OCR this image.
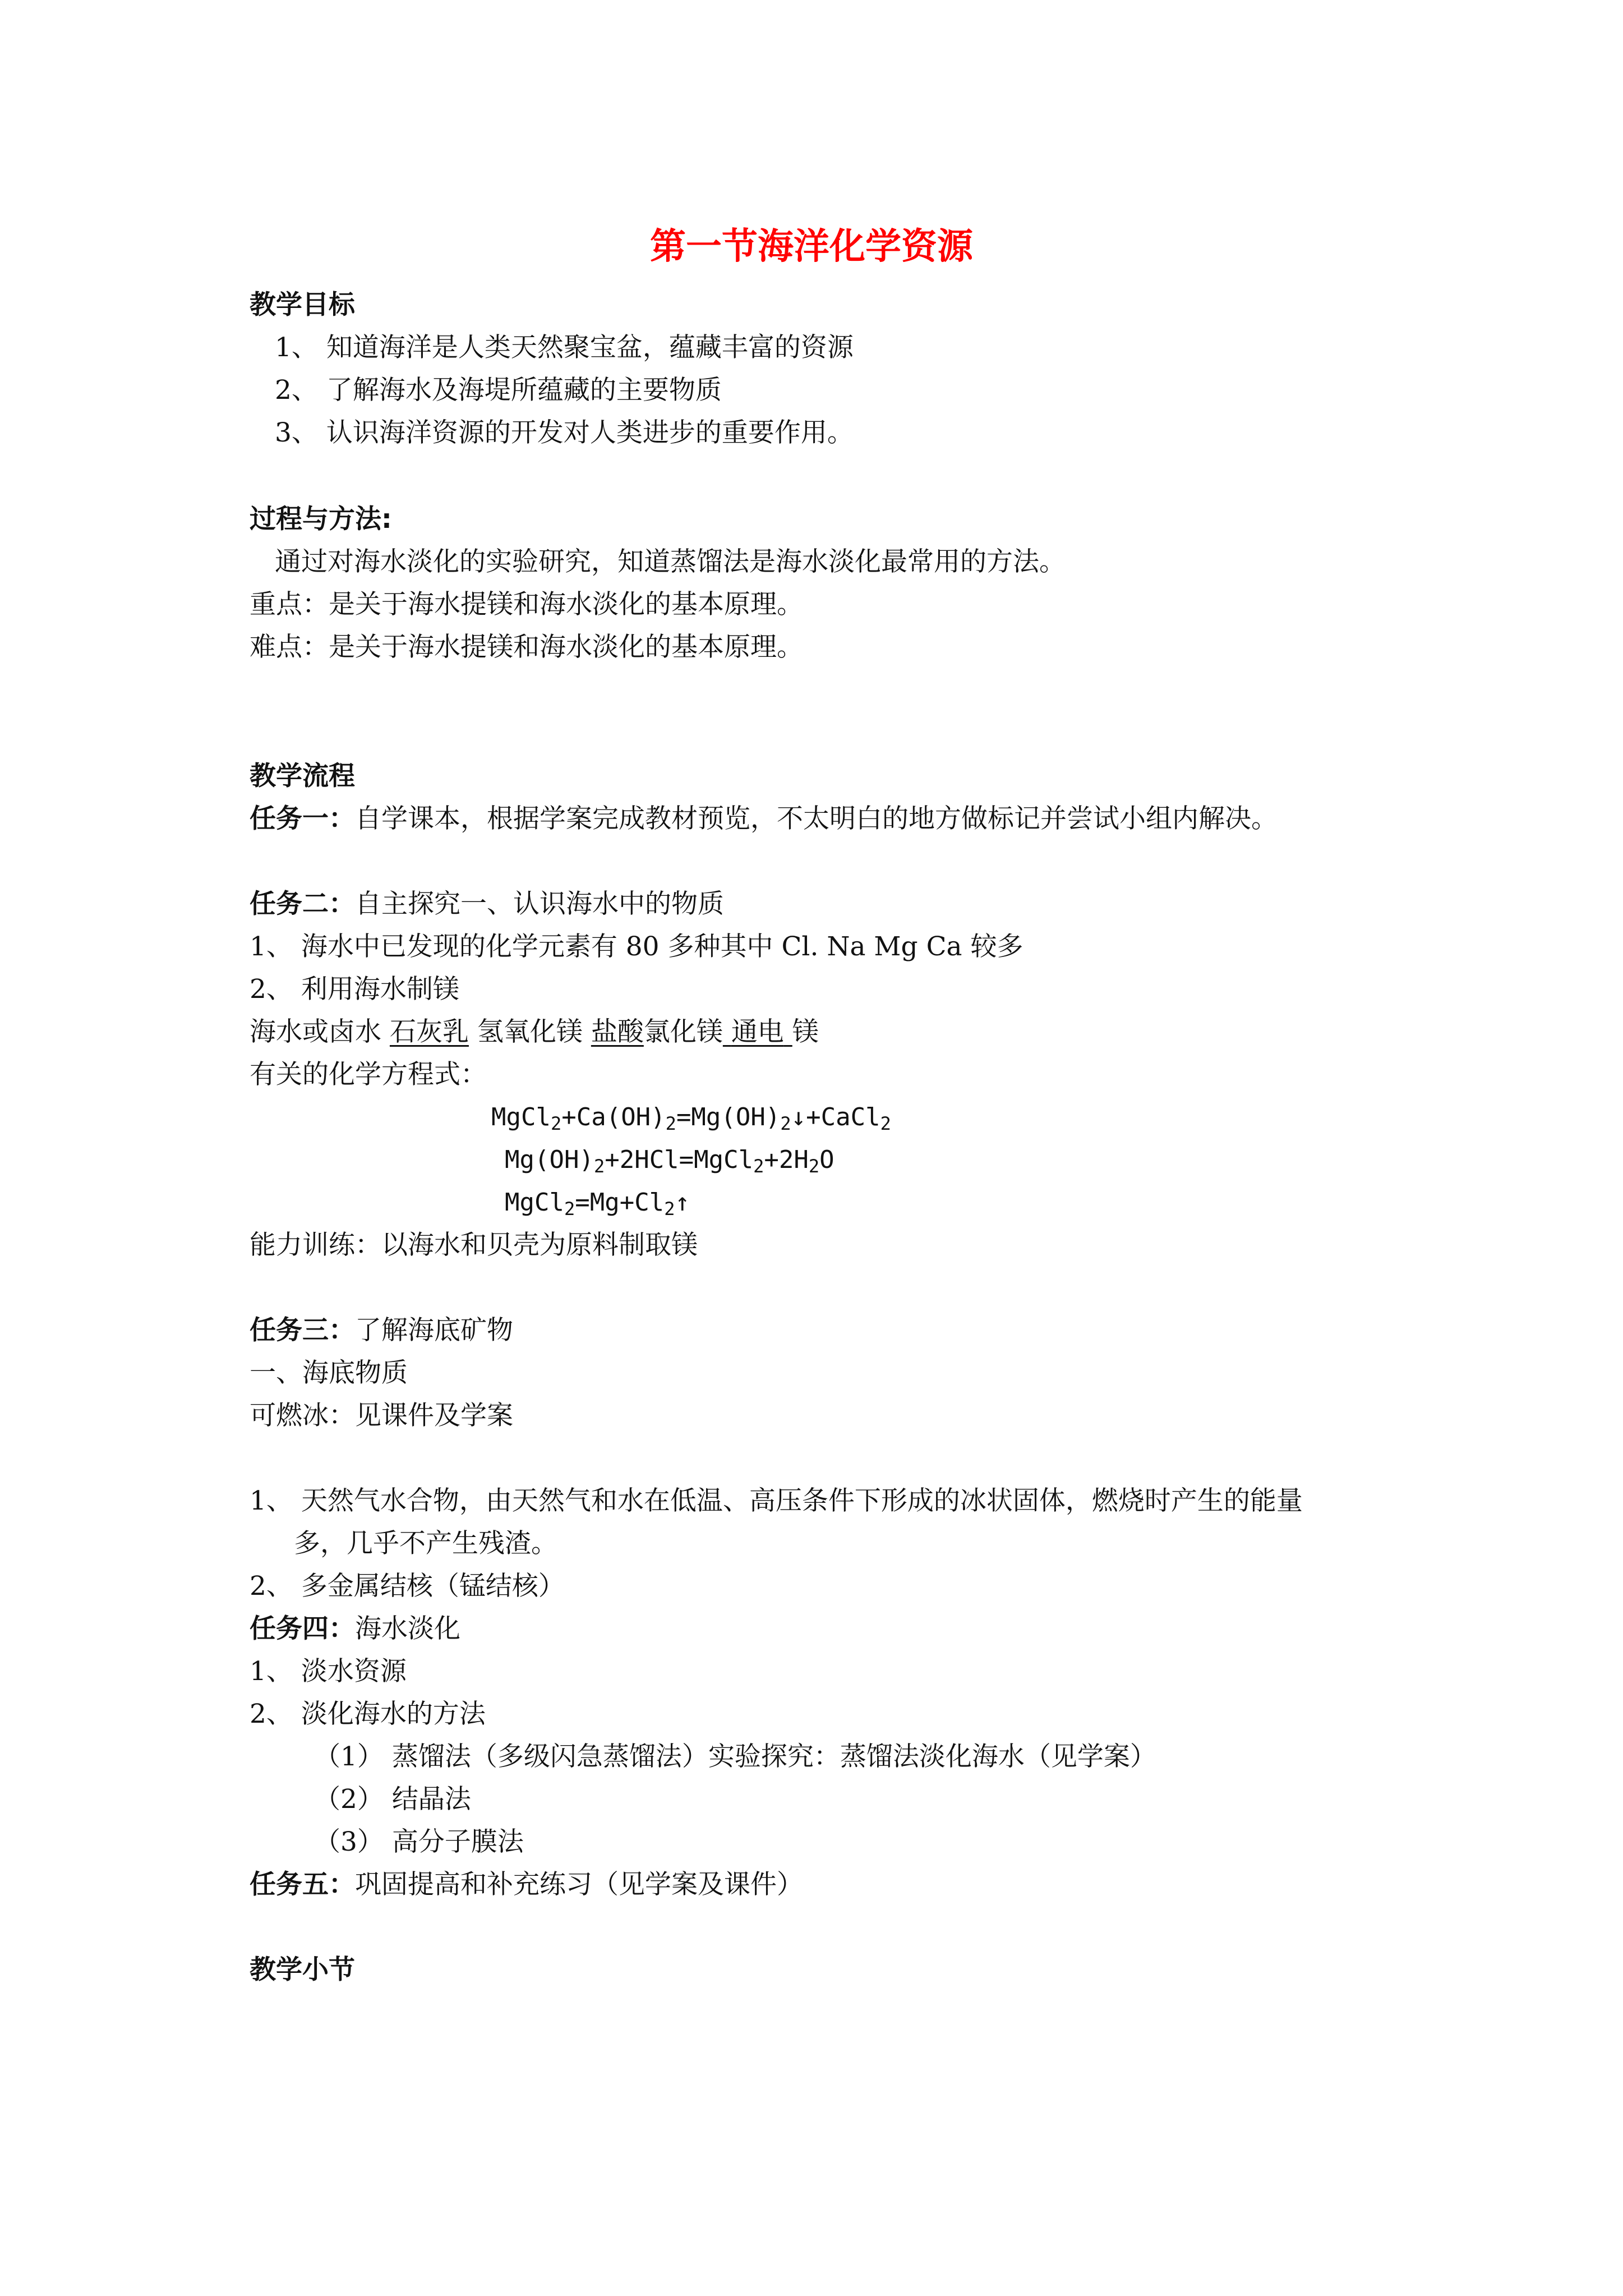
第一节海洋化学资源
教学目标
1、 知道海洋是人类天然聚宝盆，蕴藏丰富的资源
2、 了解海水及海堤所蕴藏的主要物质
3、 认识海洋资源的开发对人类进步的重要作用。
过程与方法:
通过对海水淡化的实验研究，知道蒸馏法是海水淡化最常用的方法。
重点：是关于海水提镁和海水淡化的基本原理。
难点：是关于海水提镁和海水淡化的基本原理。
教学流程
任务一：自学课本，根据学案完成教材预览，不太明白的地方做标记并尝试小组内解决。
任务二：自主探究一、认识海水中的物质
1、 海水中已发现的化学元素有 80 多种其中 Cl. Na Mg Ca 较多
2、 利用海水制镁
海水或卤水 石灰乳 氢氧化镁 盐酸氯化镁 通电 镁
有关的化学方程式：
$MgCl_2+Ca(OH)_2=Mg(OH)_2↓+CaCl_2$
$Mg(OH)_2+2HCl=MgCl_2+2H_2O$
$MgCl_2=Mg+Cl_2↑$
能力训练：以海水和贝壳为原料制取镁
任务三：了解海底矿物
一、海底物质
可燃冰：见课件及学案
1、 天然气水合物，由天然气和水在低温、高压条件下形成的冰状固体，燃烧时产生的能量
多，几乎不产生残渣。
2、 多金属结核（锰结核）
任务四：海水淡化
1、 淡水资源
2、 淡化海水的方法
（1） 蒸馏法（多级闪急蒸馏法）实验探究：蒸馏法淡化海水（见学案）
（2） 结晶法
（3） 高分子膜法
任务五：巩固提高和补充练习（见学案及课件）
教学小节
